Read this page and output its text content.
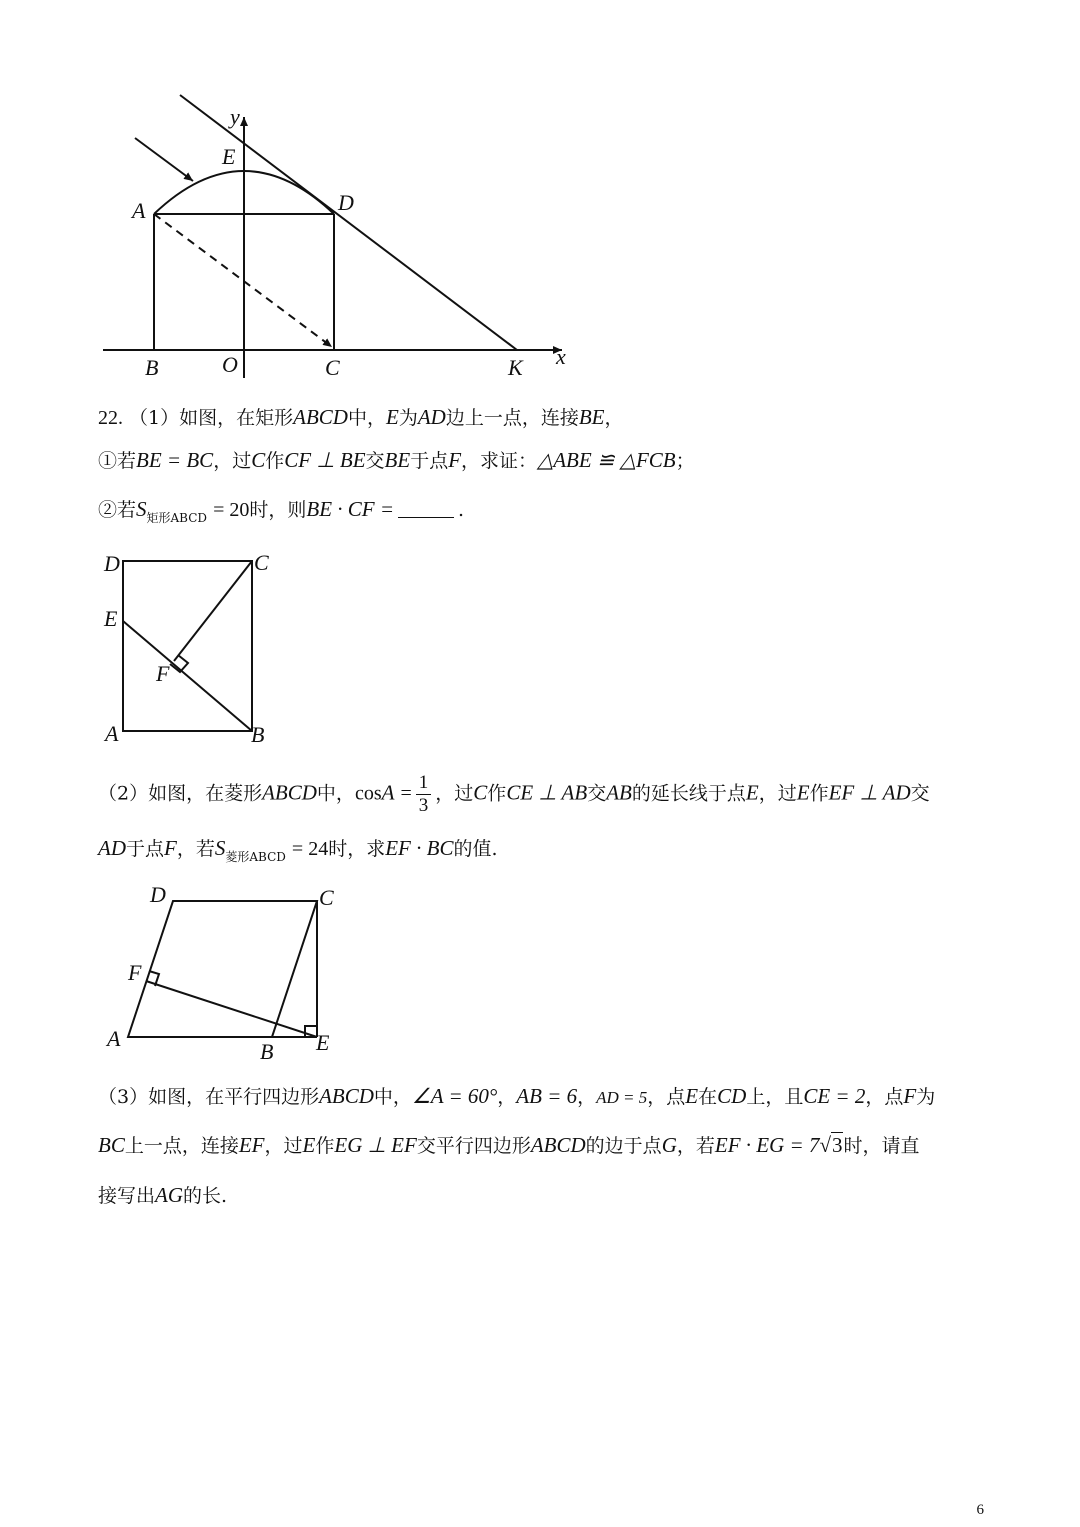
y
x
E
A	D
B	O	C	K
22. （1）如图，在矩形ABCD中，E为AD边上一点，连接BE，
①若BE = BC，过C作CF ⊥ BE交BE于点F，求证：△ABE ≌ △FCB；
②若$S_{矩形ABCD} = 20$时，则BE · CF =	.
D	C
E
F
A	B
（2）如图，在菱形ABCD中，$\cos A = \frac{1}{3}$ ，过C作CE ⊥ AB交AB的延长线于点E，过E作EF ⊥ AD交
AD于点F，若$S_{菱形ABCD} = 24$时，求EF · BC的值.
D	C
F
A
B E
（3）如图，在平行四边形ABCD中，∠A = 60°，AB = 6，AD = 5，点E在CD上，且CE = 2，点F为
BC上一点，连接EF，过E作EG ⊥ EF交平行四边形ABCD的边于点G，若EF · EG = 7√3时，请直
接写出AG的长.
6
